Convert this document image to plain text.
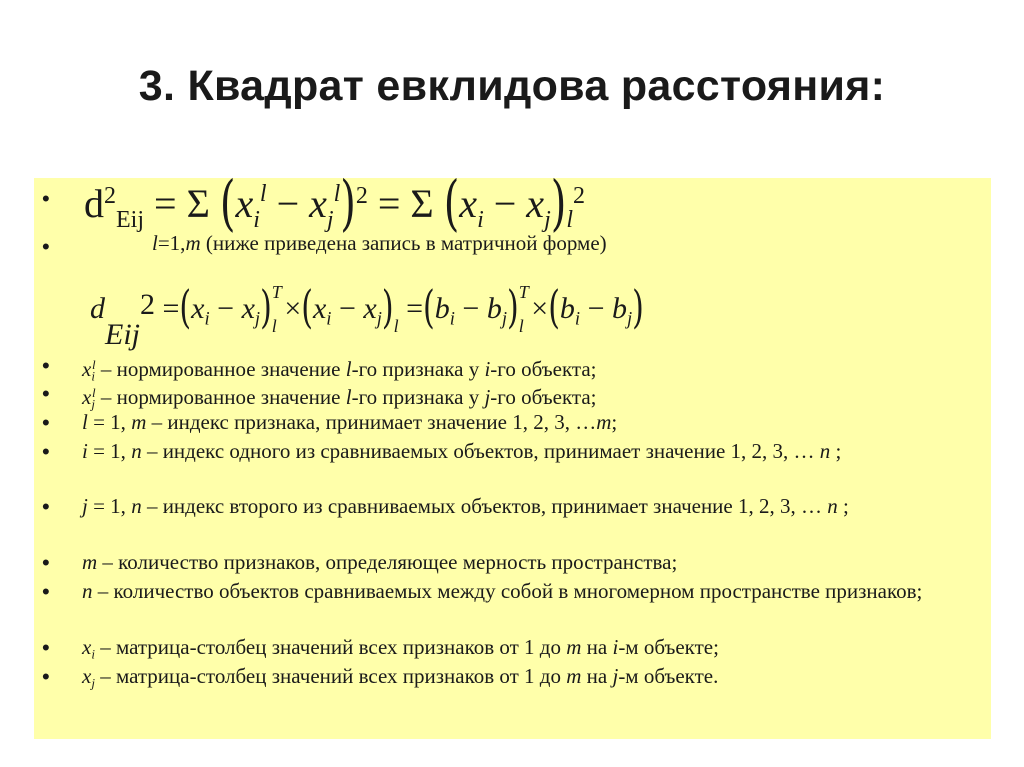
3. Квадрат евклидова расстояния:
•
•
•
•
•
•
•
•
•
•
•
$d^2_{Eij} = \Sigma$ (xil − xjl)$^2$ = Σ $(x_i - x_j)l2$
l=1,m (ниже приведена запись в матричной форме)
dEij2 $=(x_i - x_j)Tl \times(x_i - x_j)_l =(b_i - b_j)Tl \times(b_i - b_j)$
$x_i^l$ – нормированное значение l-го признака у i-го объекта;
$x_j^l$ – нормированное значение l-го признака у j-го объекта;
l = 1, m – индекс признака, принимает значение 1, 2, 3, …m;
i = 1, n – индекс одного из сравниваемых объектов, принимает значение 1, 2, 3, … n ;
j = 1, n – индекс второго из сравниваемых объектов, принимает значение 1, 2, 3, … n ;
m – количество признаков, определяющее мерность пространства;
n – количество объектов сравниваемых между собой в многомерном пространстве признаков;
$x_i$ – матрица-столбец значений всех признаков от 1 до m на i-м объекте;
$x_j$ – матрица-столбец значений всех признаков от 1 до m на j-м объекте.
